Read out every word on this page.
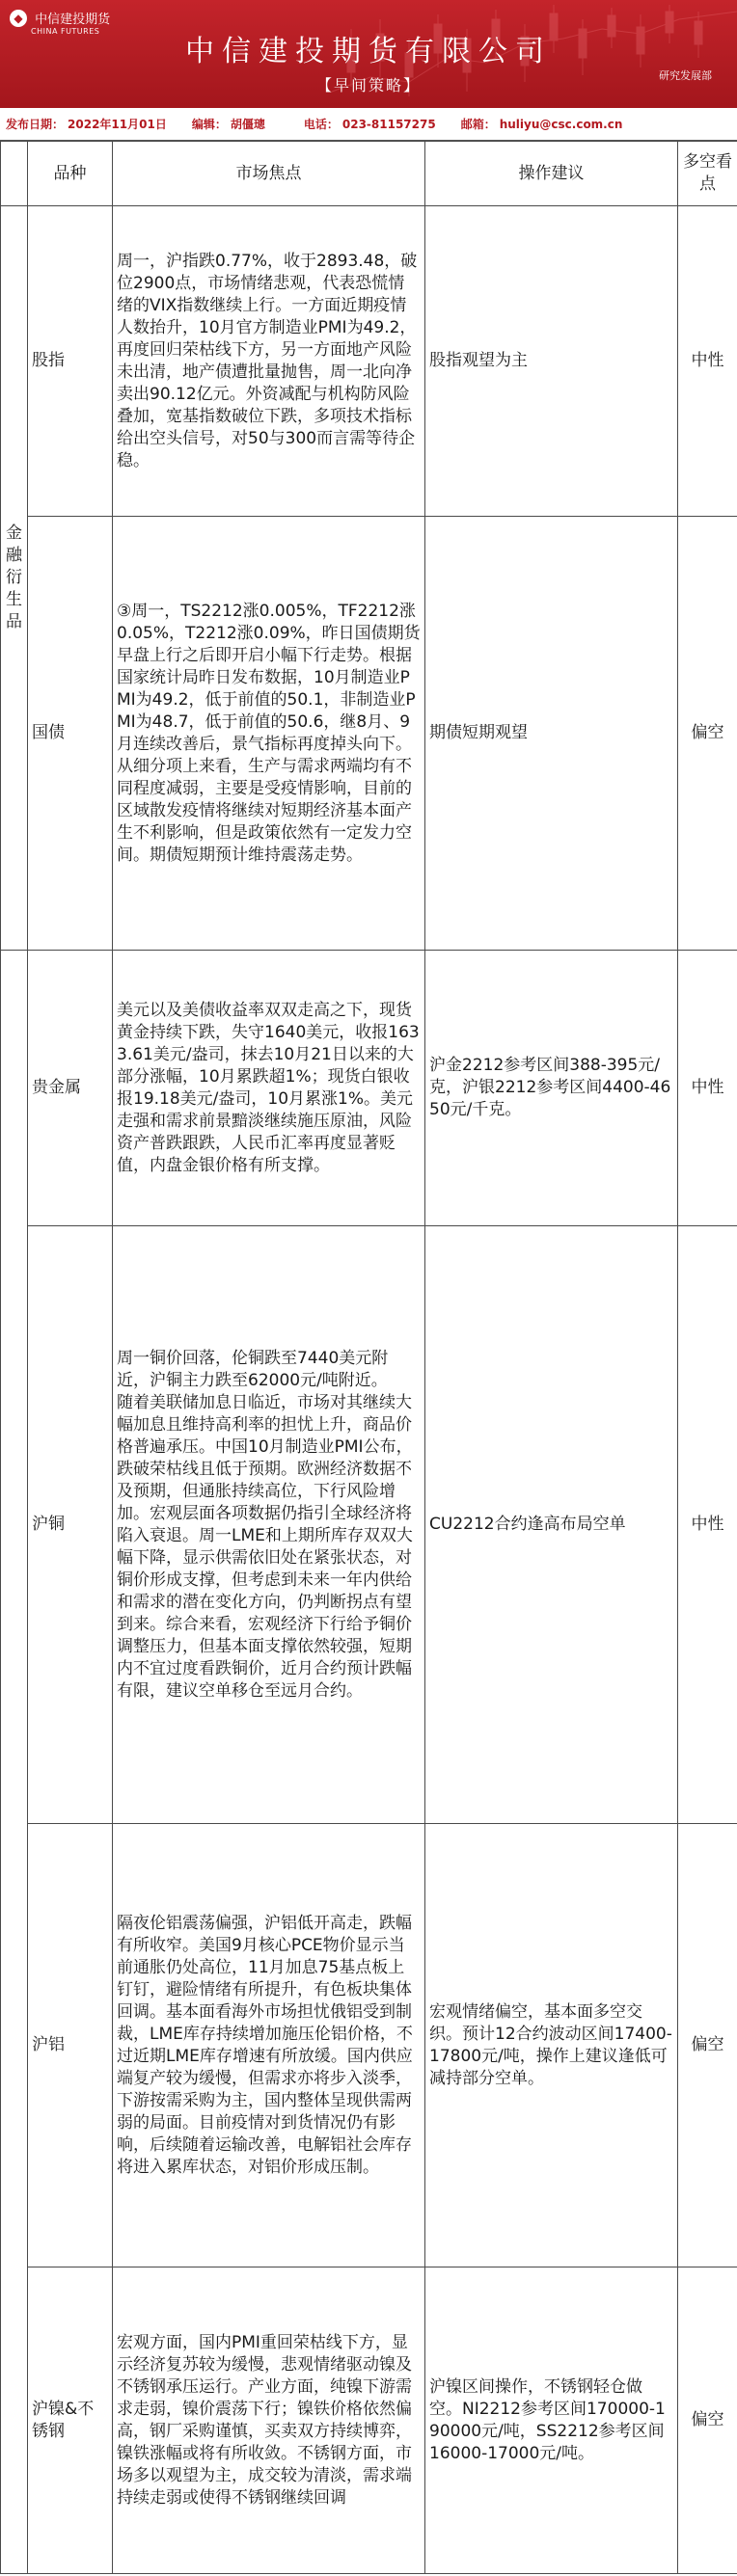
◆ 中信建投期货
CHINA FUTURES
中信建投期货有限公司
【早间策略】
研究发展部
发布日期： 2022年11月01日 编辑： 胡僵璁	电话： 023-81157275 邮箱： huliyu@csc.com.cn
	品种	市场焦点	操作建议	多空看点
金融衍生品	股指	周一，沪指跌0.77%，收于2893.48，破位2900点，市场情绪悲观，代表恐慌情绪的VIX指数继续上行。一方面近期疫情人数抬升，10月官方制造业PMI为49.2，再度回归荣枯线下方，另一方面地产风险未出清，地产债遭批量抛售，周一北向净卖出90.12亿元。外资减配与机构防风险叠加，宽基指数破位下跌，多项技术指标给出空头信号，对50与300而言需等待企稳。	股指观望为主	中性
	国债	③周一，TS2212涨0.005%，TF2212涨0.05%，T2212涨0.09%，昨日国债期货早盘上行之后即开启小幅下行走势。根据国家统计局昨日发布数据，10月制造业PMI为49.2，低于前值的50.1，非制造业PMI为48.7，低于前值的50.6，继8月、9月连续改善后，景气指标再度掉头向下。从细分项上来看，生产与需求两端均有不同程度减弱，主要是受疫情影响，目前的区域散发疫情将继续对短期经济基本面产生不利影响，但是政策依然有一定发力空间。期债短期预计维持震荡走势。	期债短期观望	偏空
	贵金属	美元以及美债收益率双双走高之下，现货黄金持续下跌，失守1640美元，收报1633.61美元/盎司，抹去10月21日以来的大部分涨幅，10月累跌超1%；现货白银收报19.18美元/盎司，10月累涨1%。美元走强和需求前景黯淡继续施压原油，风险资产普跌跟跌，人民币汇率再度显著贬值，内盘金银价格有所支撑。	沪金2212参考区间388-395元/克，沪银2212参考区间4400-4650元/千克。	中性
	沪铜	周一铜价回落，伦铜跌至7440美元附近，沪铜主力跌至62000元/吨附近。
随着美联储加息日临近，市场对其继续大幅加息且维持高利率的担忧上升，商品价格普遍承压。中国10月制造业PMI公布，跌破荣枯线且低于预期。欧洲经济数据不及预期，但通胀持续高位，下行风险增加。宏观层面各项数据仍指引全球经济将陷入衰退。周一LME和上期所库存双双大幅下降，显示供需依旧处在紧张状态，对铜价形成支撑，但考虑到未来一年内供给和需求的潜在变化方向，仍判断拐点有望到来。综合来看，宏观经济下行给予铜价调整压力，但基本面支撑依然较强，短期内不宜过度看跌铜价，近月合约预计跌幅有限，建议空单移仓至远月合约。	CU2212合约逢高布局空单	中性
	沪铝	隔夜伦铝震荡偏强，沪铝低开高走，跌幅有所收窄。美国9月核心PCE物价显示当前通胀仍处高位，11月加息75基点板上钉钉，避险情绪有所提升，有色板块集体回调。基本面看海外市场担忧俄铝受到制裁，LME库存持续增加施压伦铝价格，不过近期LME库存增速有所放缓。国内供应端复产较为缓慢，但需求亦将步入淡季，下游按需采购为主，国内整体呈现供需两弱的局面。目前疫情对到货情况仍有影响，后续随着运输改善，电解铝社会库存将进入累库状态，对铝价形成压制。	宏观情绪偏空，基本面多空交织。预计12合约波动区间17400-17800元/吨，操作上建议逢低可减持部分空单。	偏空
	沪镍&不锈钢	宏观方面，国内PMI重回荣枯线下方，显示经济复苏较为缓慢，悲观情绪驱动镍及不锈钢承压运行。产业方面，纯镍下游需求走弱，镍价震荡下行；镍铁价格依然偏高，钢厂采购谨慎，买卖双方持续博弈，镍铁涨幅或将有所收敛。不锈钢方面，市场多以观望为主，成交较为清淡，需求端持续走弱或使得不锈钢继续回调	沪镍区间操作，不锈钢轻仓做空。NI2212参考区间170000-190000元/吨，SS2212参考区间16000-17000元/吨。	偏空
